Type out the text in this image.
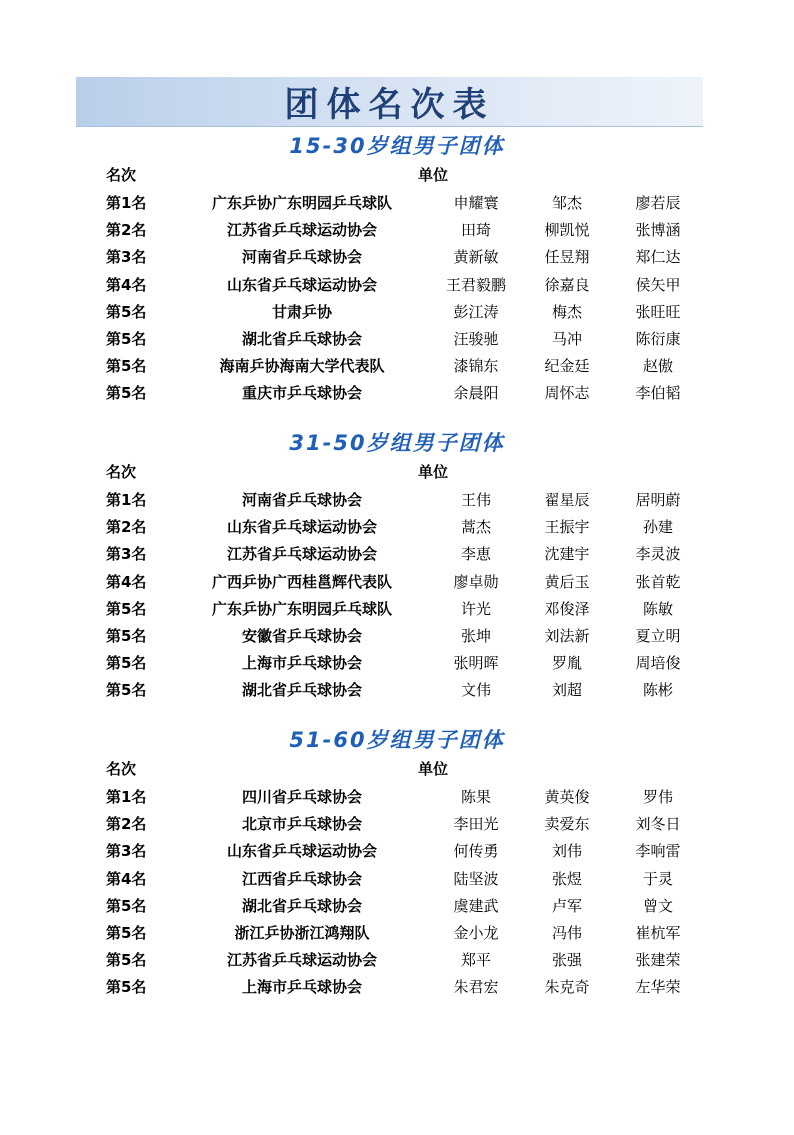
团体名次表
15-30岁组男子团体
名次	单位
第1名	广东乒协广东明园乒乓球队	申耀寰	邹杰	廖若辰
第2名	江苏省乒乓球运动协会	田琦	柳凯悦	张博涵
第3名	河南省乒乓球协会	黄新敏	任昱翔	郑仁达
第4名	山东省乒乓球运动协会	王君毅鹏	徐嘉良	侯矢甲
第5名	甘肃乒协	彭江涛	梅杰	张旺旺
第5名	湖北省乒乓球协会	汪骏驰	马冲	陈衍康
第5名	海南乒协海南大学代表队	漆锦东	纪金廷	赵傲
第5名	重庆市乒乓球协会	余晨阳	周怀志	李伯韬
31-50岁组男子团体
名次	单位
第1名	河南省乒乓球协会	王伟	翟星辰	居明蔚
第2名	山东省乒乓球运动协会	蒿杰	王振宇	孙建
第3名	江苏省乒乓球运动协会	李恵	沈建宇	李灵波
第4名	广西乒协广西桂邕辉代表队	廖卓勋	黄后玉	张首乾
第5名	广东乒协广东明园乒乓球队	许光	邓俊泽	陈敏
第5名	安徽省乒乓球协会	张坤	刘法新	夏立明
第5名	上海市乒乓球协会	张明晖	罗胤	周培俊
第5名	湖北省乒乓球协会	文伟	刘超	陈彬
51-60岁组男子团体
名次	单位
第1名	四川省乒乓球协会	陈果	黄英俊	罗伟
第2名	北京市乒乓球协会	李田光	卖爱东	刘冬日
第3名	山东省乒乓球运动协会	何传勇	刘伟	李响雷
第4名	江西省乒乓球协会	陆坚波	张煜	于灵
第5名	湖北省乒乓球协会	虞建武	卢军	曾文
第5名	浙江乒协浙江鸿翔队	金小龙	冯伟	崔杭军
第5名	江苏省乒乓球运动协会	郑平	张强	张建荣
第5名	上海市乒乓球协会	朱君宏	朱克奇	左华荣
